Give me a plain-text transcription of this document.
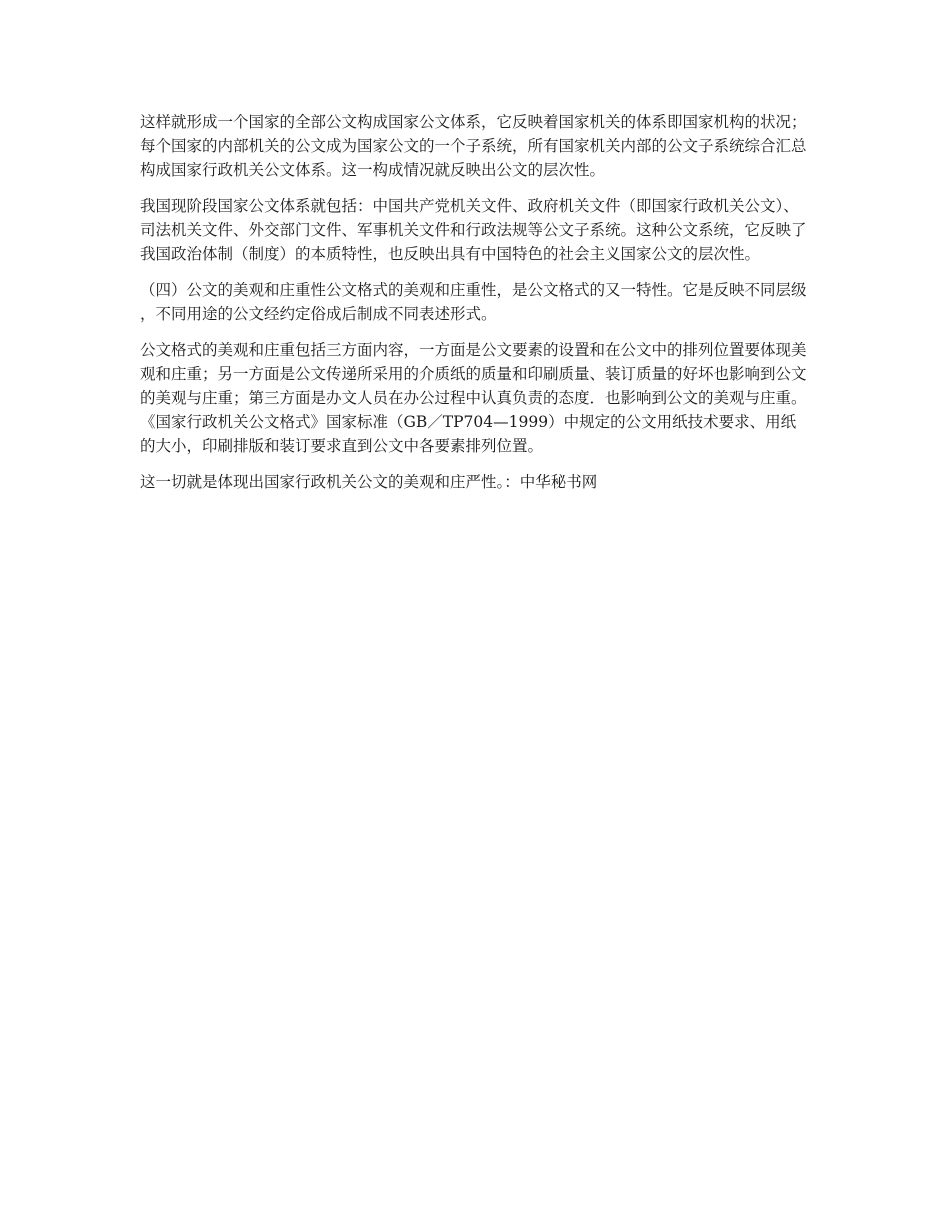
这样就形成一个国家的全部公文构成国家公文体系，它反映着国家机关的体系即国家机构的状况；每个国家的内部机关的公文成为国家公文的一个子系统，所有国家机关内部的公文子系统综合汇总构成国家行政机关公文体系。这一构成情况就反映出公文的层次性。

我国现阶段国家公文体系就包括：中国共产党机关文件、政府机关文件（即国家行政机关公文）、司法机关文件、外交部门文件、军事机关文件和行政法规等公文子系统。这种公文系统，它反映了我国政治体制（制度）的本质特性，也反映出具有中国特色的社会主义国家公文的层次性。

（四）公文的美观和庄重性公文格式的美观和庄重性，是公文格式的又一特性。它是反映不同层级，不同用途的公文经约定俗成后制成不同表述形式。

公文格式的美观和庄重包括三方面内容，一方面是公文要素的设置和在公文中的排列位置要体现美观和庄重；另一方面是公文传递所采用的介质纸的质量和印刷质量、装订质量的好坏也影响到公文的美观与庄重；第三方面是办文人员在办公过程中认真负责的态度．也影响到公文的美观与庄重。《国家行政机关公文格式》国家标准（GB／TP704—1999）中规定的公文用纸技术要求、用纸的大小，印刷排版和装订要求直到公文中各要素排列位置。

这一切就是体现出国家行政机关公文的美观和庄严性。：中华秘书网
